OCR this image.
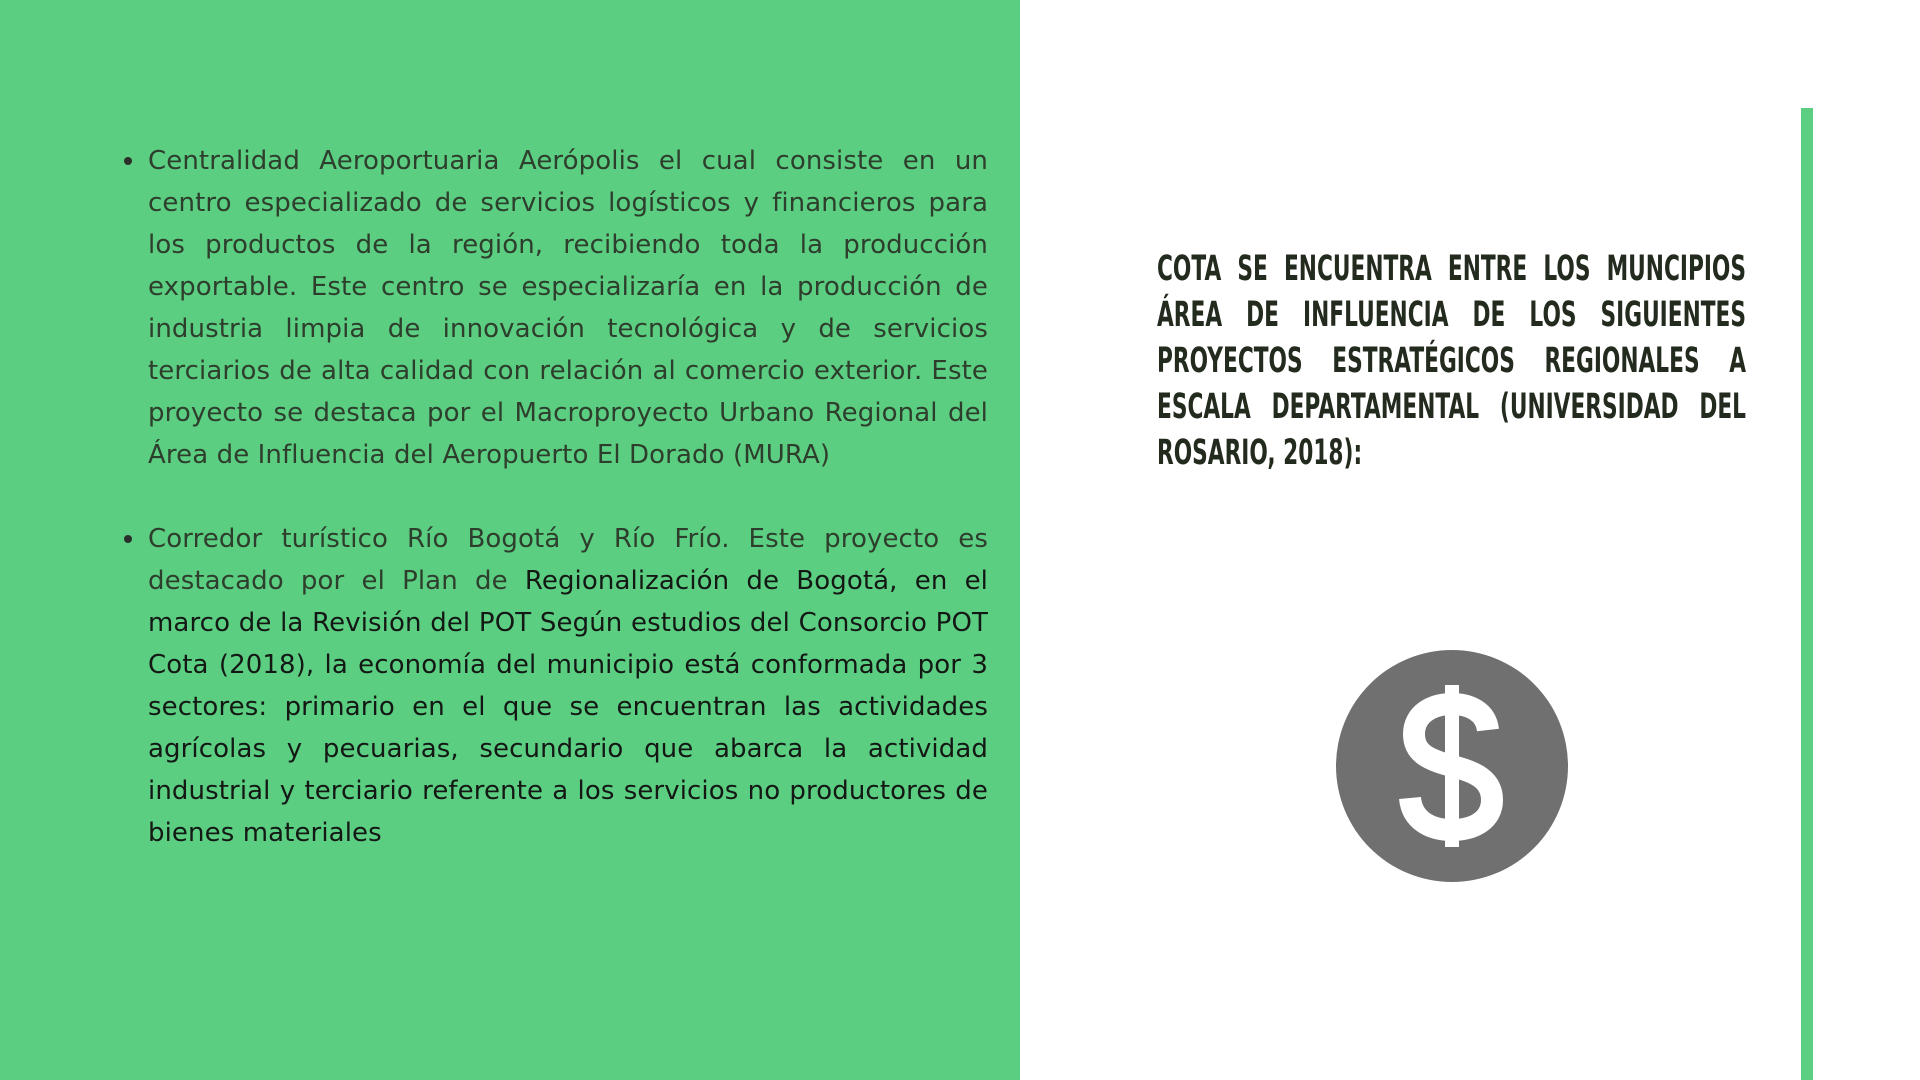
Centralidad Aeroportuaria Aerópolis el cual consiste en un centro especializado de servicios logísticos y financieros para los productos de la región, recibiendo toda la producción exportable. Este centro se especializaría en la producción de industria limpia de innovación tecnológica y de servicios terciarios de alta calidad con relación al comercio exterior. Este proyecto se destaca por el Macroproyecto Urbano Regional del Área de Influencia del Aeropuerto El Dorado (MURA)
Corredor turístico Río Bogotá y Río Frío. Este proyecto es destacado por el Plan de Regionalización de Bogotá, en el marco de la Revisión del POT Según estudios del Consorcio POT Cota (2018), la economía del municipio está conformada por 3 sectores: primario en el que se encuentran las actividades agrícolas y pecuarias, secundario que abarca la actividad industrial y terciario referente a los servicios no productores de bienes materiales
COTA SE ENCUENTRA ENTRE LOS MUNCIPIOS ÁREA DE INFLUENCIA DE LOS SIGUIENTES PROYECTOS ESTRATÉGICOS REGIONALES A ESCALA DEPARTAMENTAL (UNIVERSIDAD DEL ROSARIO, 2018):
